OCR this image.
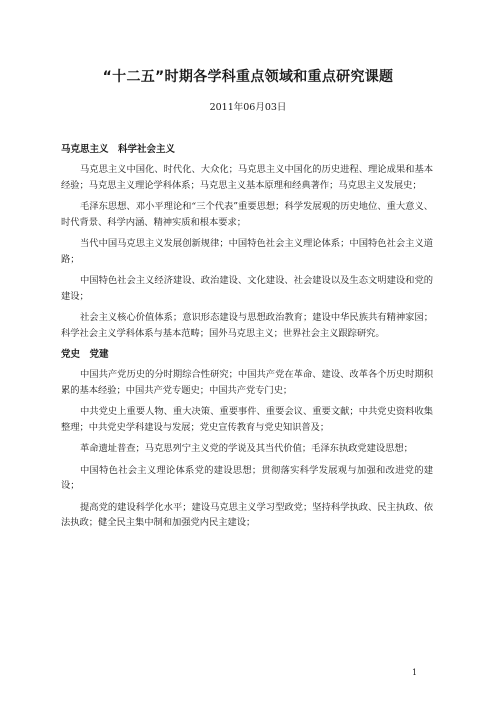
“十二五”时期各学科重点领域和重点研究课题

2011年06月03日

马克思主义　科学社会主义

马克思主义中国化、时代化、大众化；马克思主义中国化的历史进程、理论成果和基本经验；马克思主义理论学科体系；马克思主义基本原理和经典著作；马克思主义发展史；

毛泽东思想、邓小平理论和“三个代表”重要思想；科学发展观的历史地位、重大意义、时代背景、科学内涵、精神实质和根本要求；

当代中国马克思主义发展创新规律；中国特色社会主义理论体系；中国特色社会主义道路；

中国特色社会主义经济建设、政治建设、文化建设、社会建设以及生态文明建设和党的建设；

社会主义核心价值体系；意识形态建设与思想政治教育；建设中华民族共有精神家园；科学社会主义学科体系与基本范畴；国外马克思主义；世界社会主义跟踪研究。

党史　党建

中国共产党历史的分时期综合性研究；中国共产党在革命、建设、改革各个历史时期积累的基本经验；中国共产党专题史；中国共产党专门史；

中共党史上重要人物、重大决策、重要事件、重要会议、重要文献；中共党史资料收集整理；中共党史学科建设与发展；党史宣传教育与党史知识普及；

革命遗址普查；马克思列宁主义党的学说及其当代价值；毛泽东执政党建设思想；

中国特色社会主义理论体系党的建设思想；贯彻落实科学发展观与加强和改进党的建设；

提高党的建设科学化水平；建设马克思主义学习型政党；坚持科学执政、民主执政、依法执政；健全民主集中制和加强党内民主建设；

1
